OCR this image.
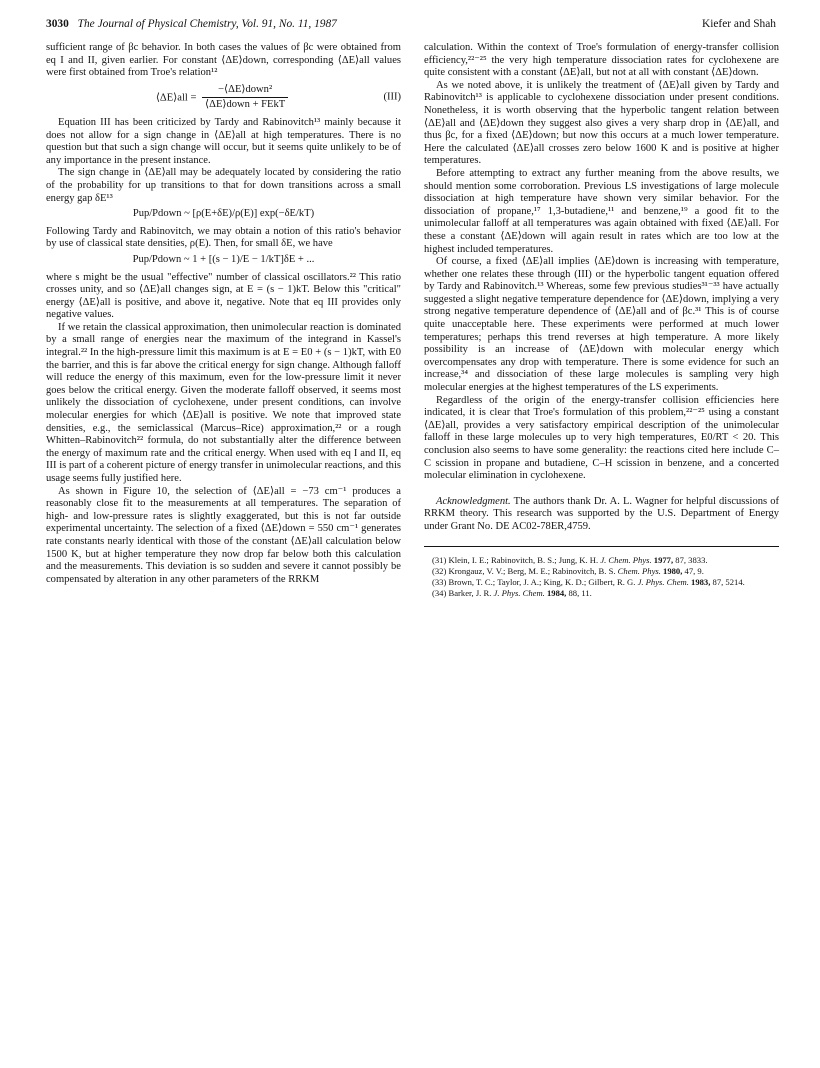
3030 The Journal of Physical Chemistry, Vol. 91, No. 11, 1987	Kiefer and Shah

sufficient range of βc behavior. In both cases the values of βc were obtained from eq I and II, given earlier. For constant ⟨ΔE⟩down, corresponding ⟨ΔE⟩all values were first obtained from Troe's relation¹²

⟨ΔE⟩all = $\frac{\text{−⟨ΔE⟩down²}}{\text{⟨ΔE⟩down + FEkT}}$	(III)

Equation III has been criticized by Tardy and Rabinovitch¹³ mainly because it does not allow for a sign change in ⟨ΔE⟩all at high temperatures. There is no question but that such a sign change will occur, but it seems quite unlikely to be of any importance in the present instance.

The sign change in ⟨ΔE⟩all may be adequately located by considering the ratio of the probability for up transitions to that for down transitions across a small energy gap δE¹³

Pup/Pdown ~ [ρ(E+δE)/ρ(E)] exp(−δE/kT)

Following Tardy and Rabinovitch, we may obtain a notion of this ratio's behavior by use of classical state densities, ρ(E). Then, for small δE, we have

Pup/Pdown ~ 1 + [(s − 1)/E − 1/kT]δE + ...

where s might be the usual "effective" number of classical oscillators.²² This ratio crosses unity, and so ⟨ΔE⟩all changes sign, at E = (s − 1)kT. Below this "critical" energy ⟨ΔE⟩all is positive, and above it, negative. Note that eq III provides only negative values.

If we retain the classical approximation, then unimolecular reaction is dominated by a small range of energies near the maximum of the integrand in Kassel's integral.²² In the high-pressure limit this maximum is at E = E0 + (s − 1)kT, with E0 the barrier, and this is far above the critical energy for sign change. Although falloff will reduce the energy of this maximum, even for the low-pressure limit it never goes below the critical energy. Given the moderate falloff observed, it seems most unlikely the dissociation of cyclohexene, under present conditions, can involve molecular energies for which ⟨ΔE⟩all is positive. We note that improved state densities, e.g., the semiclassical (Marcus–Rice) approximation,²² or a rough Whitten–Rabinovitch²² formula, do not substantially alter the difference between the energy of maximum rate and the critical energy. When used with eq I and II, eq III is part of a coherent picture of energy transfer in unimolecular reactions, and this usage seems fully justified here.

As shown in Figure 10, the selection of ⟨ΔE⟩all = −73 cm⁻¹ produces a reasonably close fit to the measurements at all temperatures. The separation of high- and low-pressure rates is slightly exaggerated, but this is not far outside experimental uncertainty. The selection of a fixed ⟨ΔE⟩down = 550 cm⁻¹ generates rate constants nearly identical with those of the constant ⟨ΔE⟩all calculation below 1500 K, but at higher temperature they now drop far below both this calculation and the measurements. This deviation is so sudden and severe it cannot possibly be compensated by alteration in any other parameters of the RRKM

calculation. Within the context of Troe's formulation of energy-transfer collision efficiency,²²⁻²⁵ the very high temperature dissociation rates for cyclohexene are quite consistent with a constant ⟨ΔE⟩all, but not at all with constant ⟨ΔE⟩down.

As we noted above, it is unlikely the treatment of ⟨ΔE⟩all given by Tardy and Rabinovitch¹³ is applicable to cyclohexene dissociation under present conditions. Nonetheless, it is worth observing that the hyperbolic tangent relation between ⟨ΔE⟩all and ⟨ΔE⟩down they suggest also gives a very sharp drop in ⟨ΔE⟩all, and thus βc, for a fixed ⟨ΔE⟩down; but now this occurs at a much lower temperature. Here the calculated ⟨ΔE⟩all crosses zero below 1600 K and is positive at higher temperatures.

Before attempting to extract any further meaning from the above results, we should mention some corroboration. Previous LS investigations of large molecule dissociation at high temperature have shown very similar behavior. For the dissociation of propane,¹⁷ 1,3-butadiene,¹¹ and benzene,¹⁹ a good fit to the unimolecular falloff at all temperatures was again obtained with fixed ⟨ΔE⟩all. For these a constant ⟨ΔE⟩down will again result in rates which are too low at the highest included temperatures.

Of course, a fixed ⟨ΔE⟩all implies ⟨ΔE⟩down is increasing with temperature, whether one relates these through (III) or the hyperbolic tangent equation offered by Tardy and Rabinovitch.¹³ Whereas, some few previous studies³¹⁻³³ have actually suggested a slight negative temperature dependence for ⟨ΔE⟩down, implying a very strong negative temperature dependence of ⟨ΔE⟩all and of βc.³¹ This is of course quite unacceptable here. These experiments were performed at much lower temperatures; perhaps this trend reverses at high temperature. A more likely possibility is an increase of ⟨ΔE⟩down with molecular energy which overcompensates any drop with temperature. There is some evidence for such an increase,³⁴ and dissociation of these large molecules is sampling very high molecular energies at the highest temperatures of the LS experiments.

Regardless of the origin of the energy-transfer collision efficiencies here indicated, it is clear that Troe's formulation of this problem,²²⁻²⁵ using a constant ⟨ΔE⟩all, provides a very satisfactory empirical description of the unimolecular falloff in these large molecules up to very high temperatures, E0/RT < 20. This conclusion also seems to have some generality: the reactions cited here include C–C scission in propane and butadiene, C–H scission in benzene, and a concerted molecular elimination in cyclohexene.

Acknowledgment. The authors thank Dr. A. L. Wagner for helpful discussions of RRKM theory. This research was supported by the U.S. Department of Energy under Grant No. DE AC02-78ER,4759.

(31) Klein, I. E.; Rabinovitch, B. S.; Jung, K. H. J. Chem. Phys. 1977, 87, 3833.

(32) Krongauz, V. V.; Berg, M. E.; Rabinovitch, B. S. Chem. Phys. 1980, 47, 9.

(33) Brown, T. C.; Taylor, J. A.; King, K. D.; Gilbert, R. G. J. Phys. Chem. 1983, 87, 5214.

(34) Barker, J. R. J. Phys. Chem. 1984, 88, 11.
